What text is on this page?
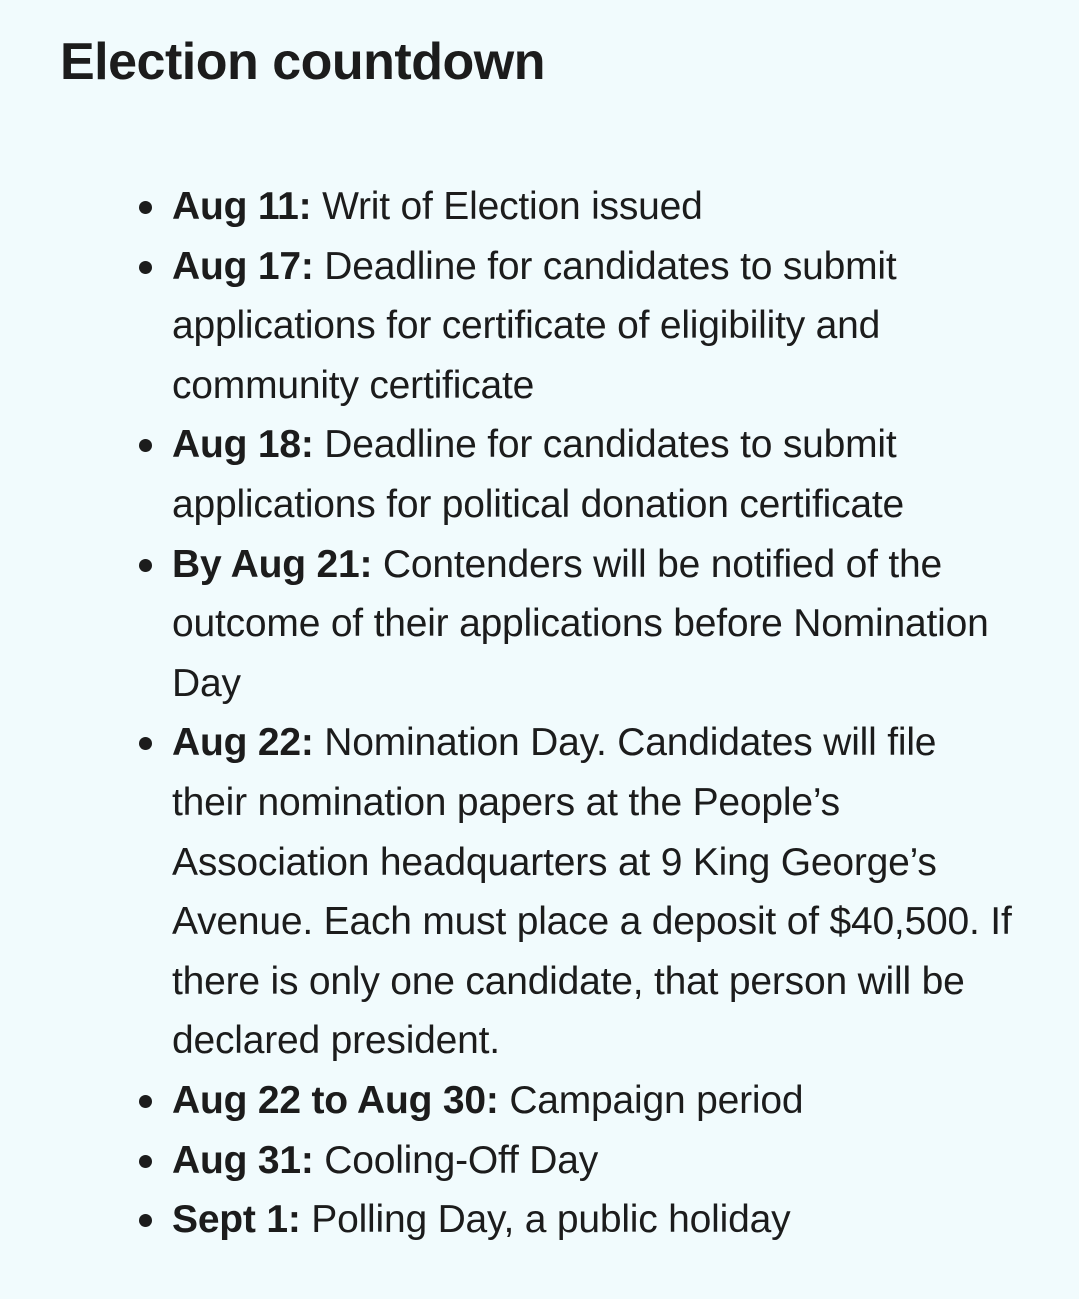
Election countdown
Aug 11: Writ of Election issued
Aug 17: Deadline for candidates to submit applications for certificate of eligibility and community certificate
Aug 18: Deadline for candidates to submit applications for political donation certificate
By Aug 21: Contenders will be notified of the outcome of their applications before Nomination Day
Aug 22: Nomination Day. Candidates will file their nomination papers at the People’s Association headquarters at 9 King George’s Avenue. Each must place a deposit of $40,500. If there is only one candidate, that person will be declared president.
Aug 22 to Aug 30: Campaign period
Aug 31: Cooling-Off Day
Sept 1: Polling Day, a public holiday
